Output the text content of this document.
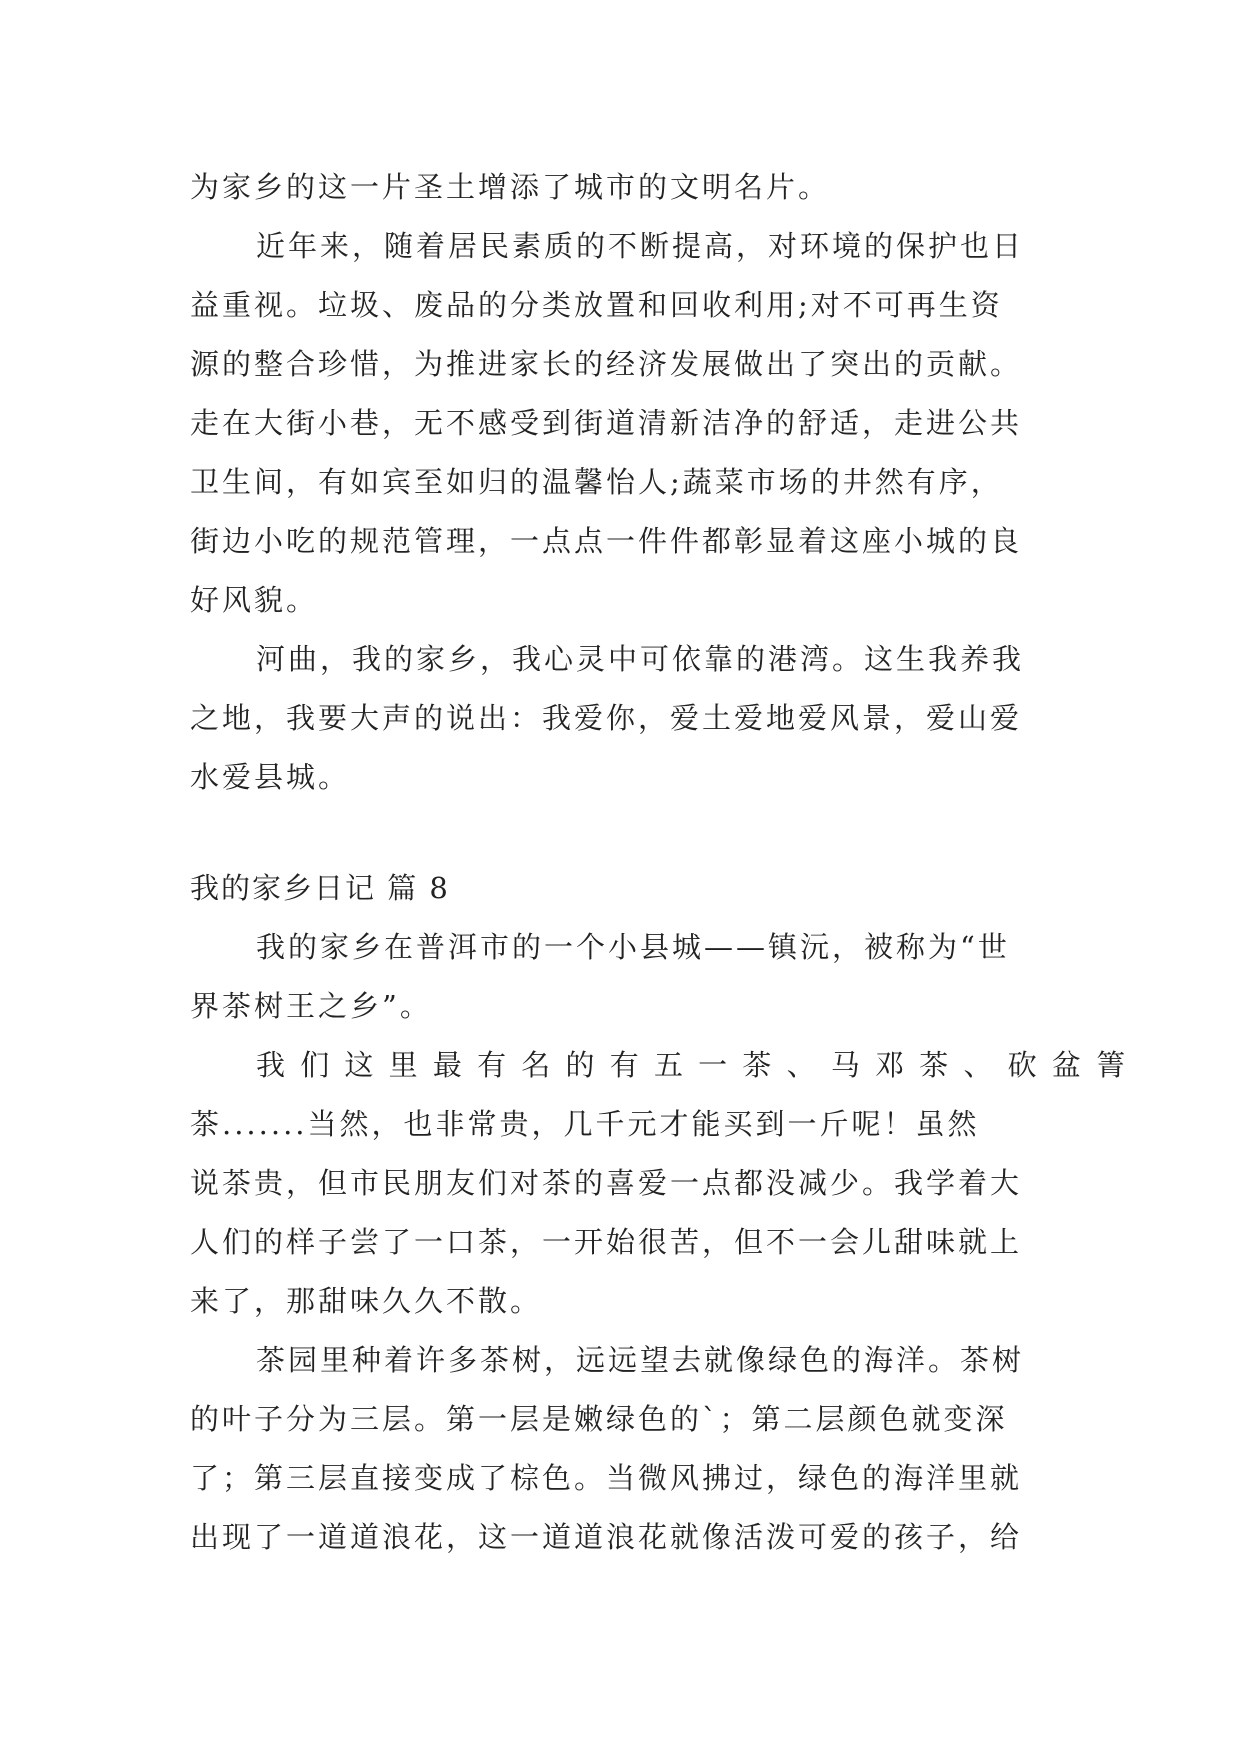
为家乡的这一片圣土增添了城市的文明名片。
近年来，随着居民素质的不断提高，对环境的保护也日
益重视。垃圾、废品的分类放置和回收利用;对不可再生资
源的整合珍惜，为推进家长的经济发展做出了突出的贡献。
走在大街小巷，无不感受到街道清新洁净的舒适，走进公共
卫生间，有如宾至如归的温馨怡人;蔬菜市场的井然有序，
街边小吃的规范管理，一点点一件件都彰显着这座小城的良
好风貌。
河曲，我的家乡，我心灵中可依靠的港湾。这生我养我
之地，我要大声的说出：我爱你，爱土爱地爱风景，爱山爱
水爱县城。
我的家乡日记 篇 8
我的家乡在普洱市的一个小县城——镇沅，被称为“世
界茶树王之乡”。
我 们 这 里 最 有 名 的 有 五 一 茶 、 马 邓 茶 、 砍 盆 箐
茶.......当然，也非常贵，几千元才能买到一斤呢！虽然
说茶贵，但市民朋友们对茶的喜爱一点都没减少。我学着大
人们的样子尝了一口茶，一开始很苦，但不一会儿甜味就上
来了，那甜味久久不散。
茶园里种着许多茶树，远远望去就像绿色的海洋。茶树
的叶子分为三层。第一层是嫩绿色的`；第二层颜色就变深
了；第三层直接变成了棕色。当微风拂过，绿色的海洋里就
出现了一道道浪花，这一道道浪花就像活泼可爱的孩子，给
